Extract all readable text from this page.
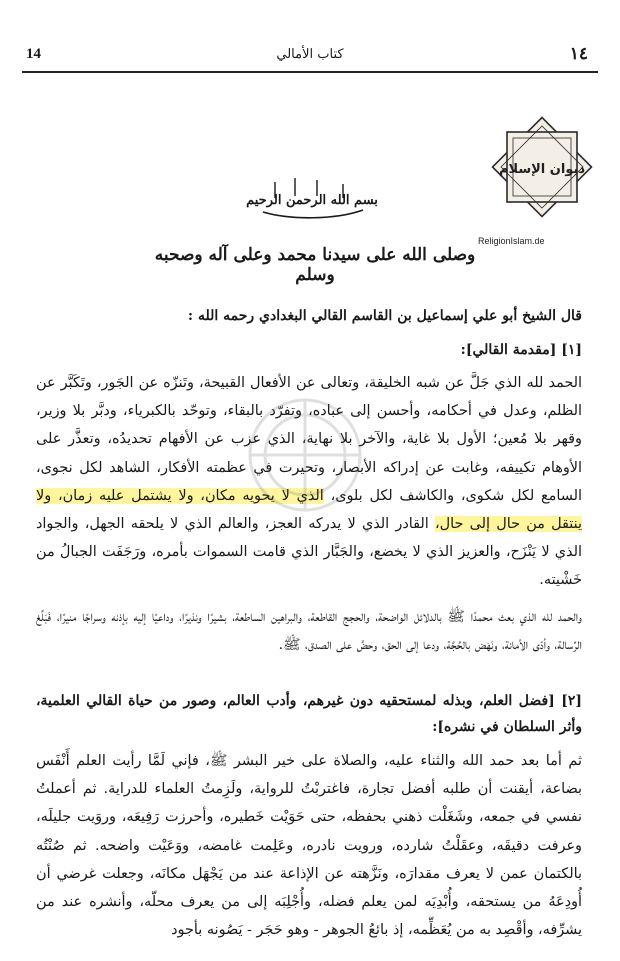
14	كتاب الأمالي	١٤
ديوان الإسلام
ReligionIslam.de
بسم الله الرحمن الرحيم
وصلى الله على سيدنا محمد وعلى آله وصحبه وسلم
قال الشيخ أبو علي إسماعيل بن القاسم القالي البغدادي رحمه الله :
[١] [مقدمة القالي]:
الحمد لله الذي جَلَّ عن شبه الخليقة، وتعالى عن الأفعال القبيحة، وتَنزّه عن الجَور، وتَكَبَّر عن الظلم، وعدل في أحكامه، وأحسن إلى عباده، وتفرّد بالبقاء، وتوحّد بالكبرياء، ودبَّر بلا وزير، وقهر بلا مُعين؛ الأول بلا غاية، والآخر بلا نهاية، الذي عزب عن الأفهام تحديدُه، وتعذَّر على الأوهام تكييفه، وغابت عن إدراكه الأبصار، وتحيرت في عظمته الأفكار، الشاهد لكل نجوى، السامع لكل شكوى، والكاشف لكل بلوى، الذي لا يحويه مكان، ولا يشتمل عليه زمان، ولا ينتقل من حال إلى حال، القادر الذي لا يدركه العجز، والعالم الذي لا يلحقه الجهل، والجواد الذي لا يَنْزَح، والعزيز الذي لا يخضع، والجَبَّار الذي قامت السموات بأمره، ورَجَفَت الجبالُ من خَشْيته.
والحمد لله الذي بعث محمدًا ﷺ بالدلائل الواضحة، والحجج القاطعة، والبراهين الساطعة، بشيرًا ونذيرًا، وداعيًا إليه بإذنه وسراجًا منيرًا، فَبَلَّغ الرِّسالة، وأدّى الأمانة، ونَهَض بالحُجَّة، ودعا إلى الحق، وحضَّ على الصدق، ﷺ.
[٢] [فضل العلم، وبذله لمستحقيه دون غيرهم، وأدب العالم، وصور من حياة القالي العلمية، وأثر السلطان في نشره]:
ثم أما بعد حمد الله والثناء عليه، والصلاة على خير البشر ﷺ، فإني لَمَّا رأيت العلم أَنْفَس بضاعة، أيقنت أن طلبه أفضل تجارة، فاغتربْتُ للرواية، ولَزِمتُ العلماء للدراية. ثم أعملتُ نفسي في جمعه، وشَغَلْت ذهني بحفظه، حتى حَوَيْت خَطيره، وأحرزت رَفِيعَه، وروَيت جليلَه، وعرفت دقيقَه، وعقَلْتُ شارده، ورويت نادره، وعَلِمت غامضه، ووَعَيْت واضحه. ثم صُنْتُه بالكتمان عمن لا يعرف مقدارَه، ونَزَّهته عن الإذاعة عند من يَجْهَل مكانَه، وجعلت غرضي أن أُودِعَهُ من يستحقه، وأُبْدِيَه لمن يعلم فضله، وأُجْلِبَه إلى من يعرف محلّه، وأنشره عند من يشرِّفه، وأقْصِد به من يُعَظِّمه، إذ بائعُ الجوهر - وهو حَجَر - يَصُونه بأجود
